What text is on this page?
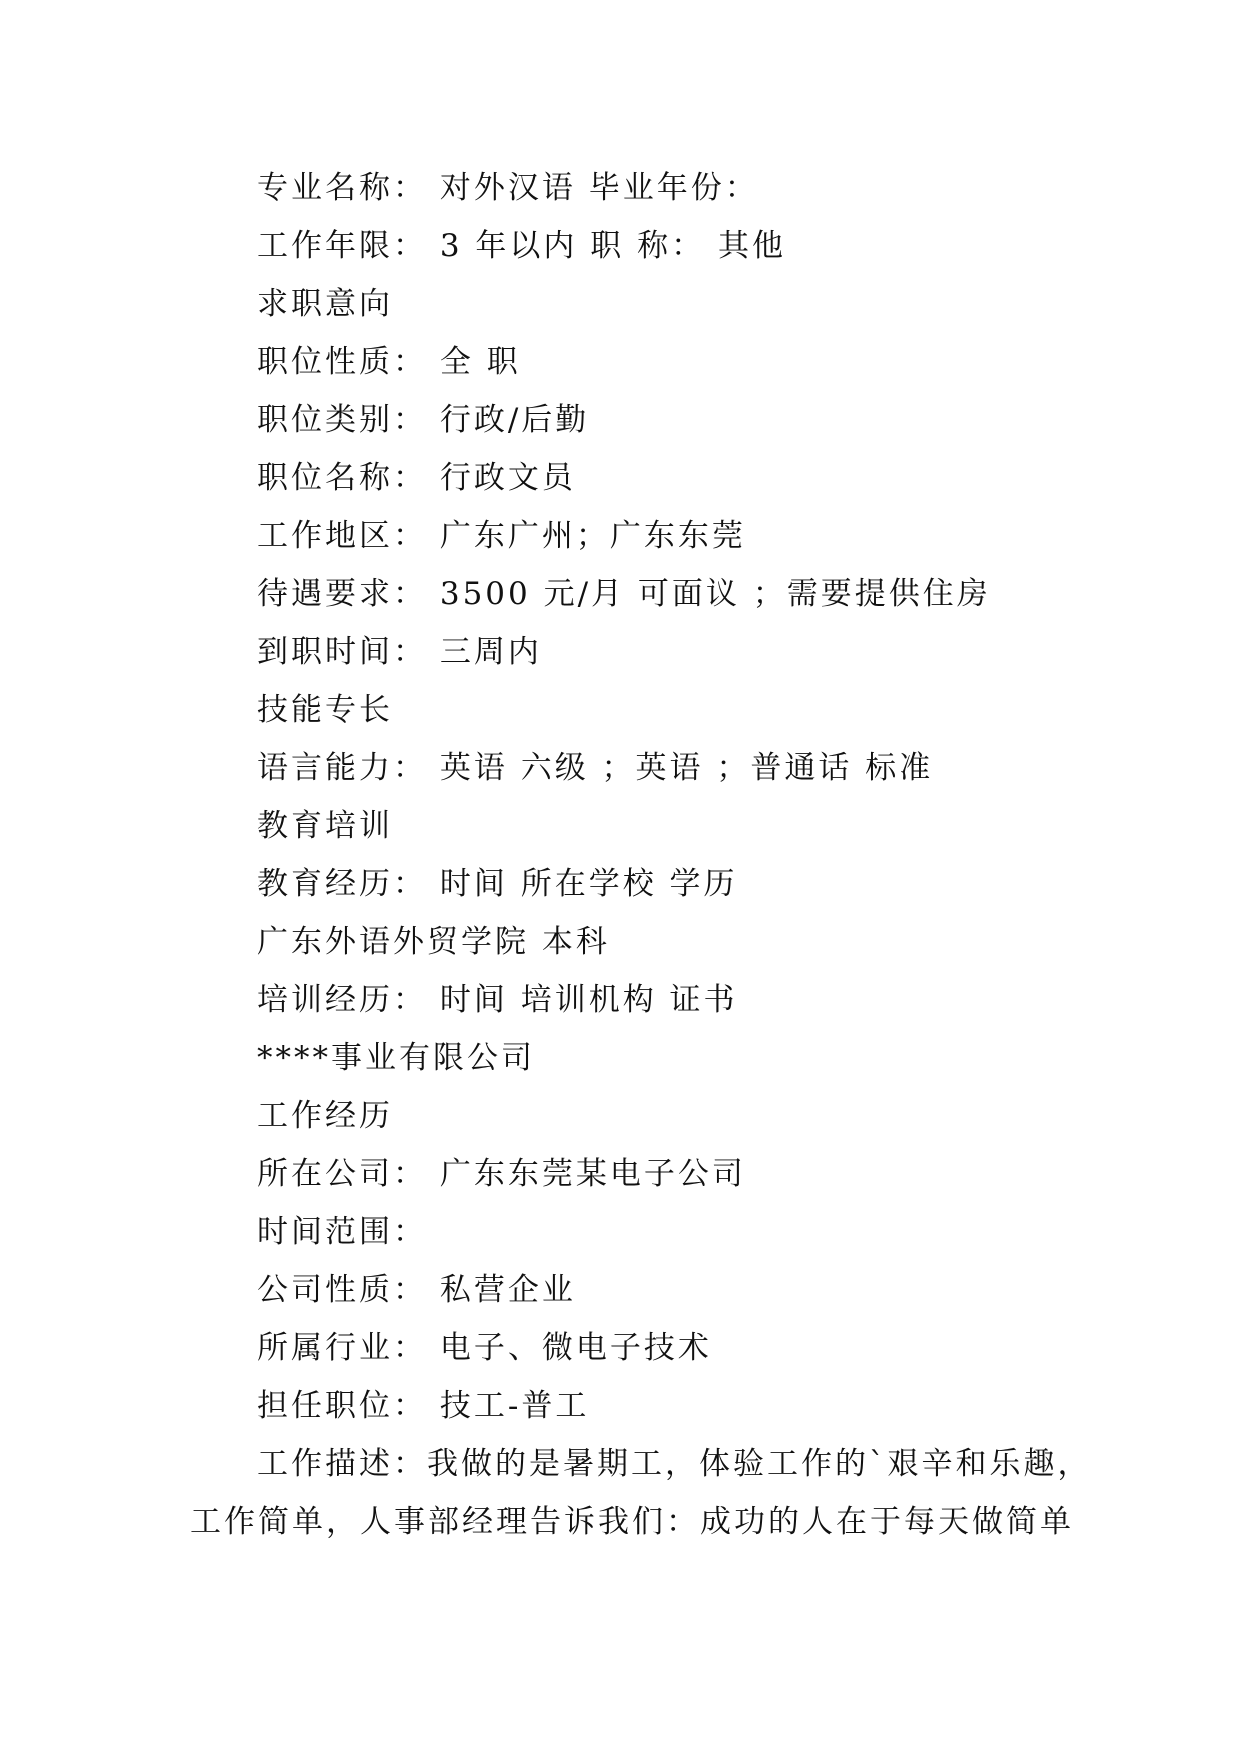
专业名称： 对外汉语 毕业年份：
工作年限： 3 年以内 职 称： 其他
求职意向
职位性质： 全 职
职位类别： 行政/后勤
职位名称： 行政文员
工作地区： 广东广州；广东东莞
待遇要求： 3500 元/月 可面议 ；需要提供住房
到职时间： 三周内
技能专长
语言能力： 英语 六级 ；英语 ；普通话 标准
教育培训
教育经历： 时间 所在学校 学历
广东外语外贸学院 本科
培训经历： 时间 培训机构 证书
****事业有限公司
工作经历
所在公司： 广东东莞某电子公司
时间范围：
公司性质： 私营企业
所属行业： 电子、微电子技术
担任职位： 技工-普工
工作描述：我做的是暑期工，体验工作的`艰辛和乐趣，
工作简单，人事部经理告诉我们：成功的人在于每天做简单
